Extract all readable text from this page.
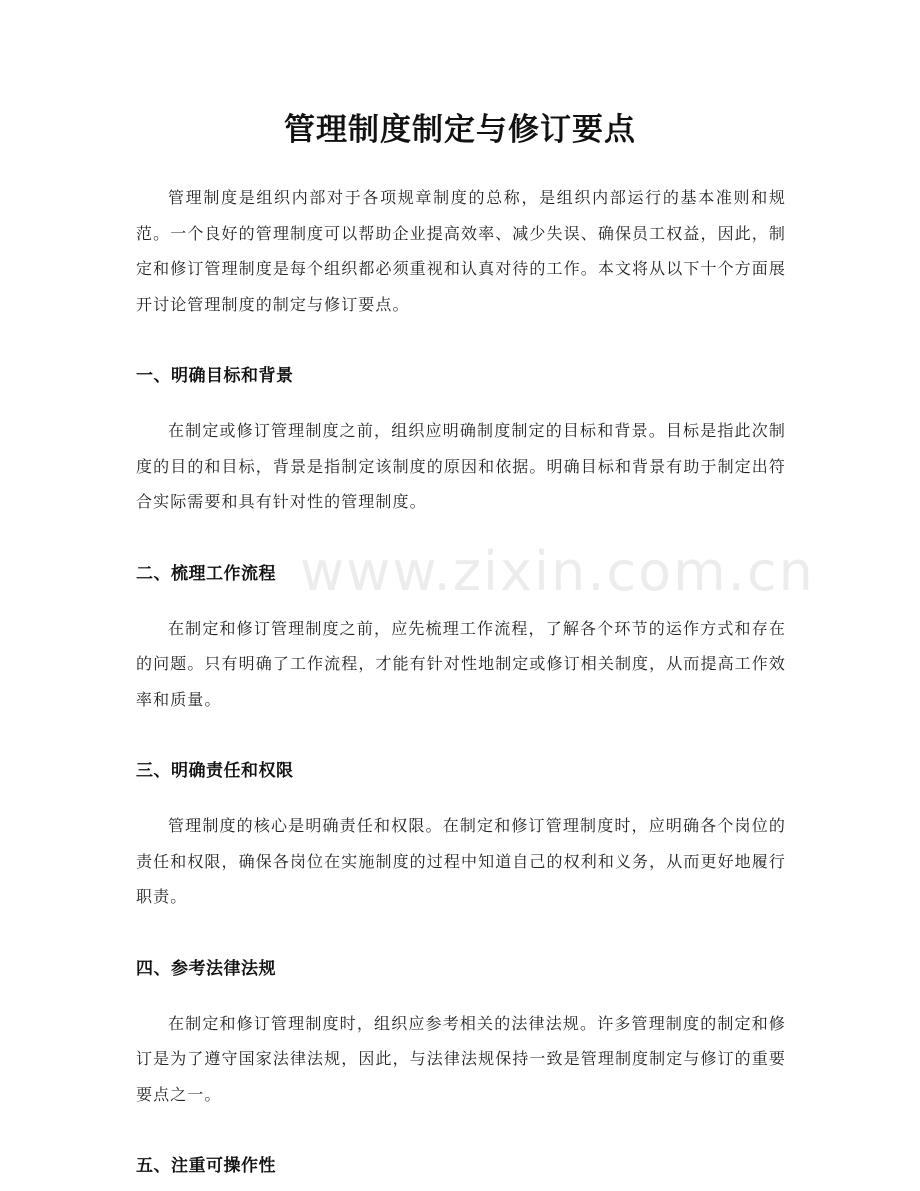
管理制度制定与修订要点

管理制度是组织内部对于各项规章制度的总称，是组织内部运行的基本准则和规范。一个良好的管理制度可以帮助企业提高效率、减少失误、确保员工权益，因此，制定和修订管理制度是每个组织都必须重视和认真对待的工作。本文将从以下十个方面展开讨论管理制度的制定与修订要点。

一、明确目标和背景

在制定或修订管理制度之前，组织应明确制度制定的目标和背景。目标是指此次制度的目的和目标，背景是指制定该制度的原因和依据。明确目标和背景有助于制定出符合实际需要和具有针对性的管理制度。

二、梳理工作流程

在制定和修订管理制度之前，应先梳理工作流程，了解各个环节的运作方式和存在的问题。只有明确了工作流程，才能有针对性地制定或修订相关制度，从而提高工作效率和质量。

三、明确责任和权限

管理制度的核心是明确责任和权限。在制定和修订管理制度时，应明确各个岗位的责任和权限，确保各岗位在实施制度的过程中知道自己的权利和义务，从而更好地履行职责。

四、参考法律法规

在制定和修订管理制度时，组织应参考相关的法律法规。许多管理制度的制定和修订是为了遵守国家法律法规，因此，与法律法规保持一致是管理制度制定与修订的重要要点之一。

五、注重可操作性
www.zixin.com.cn
